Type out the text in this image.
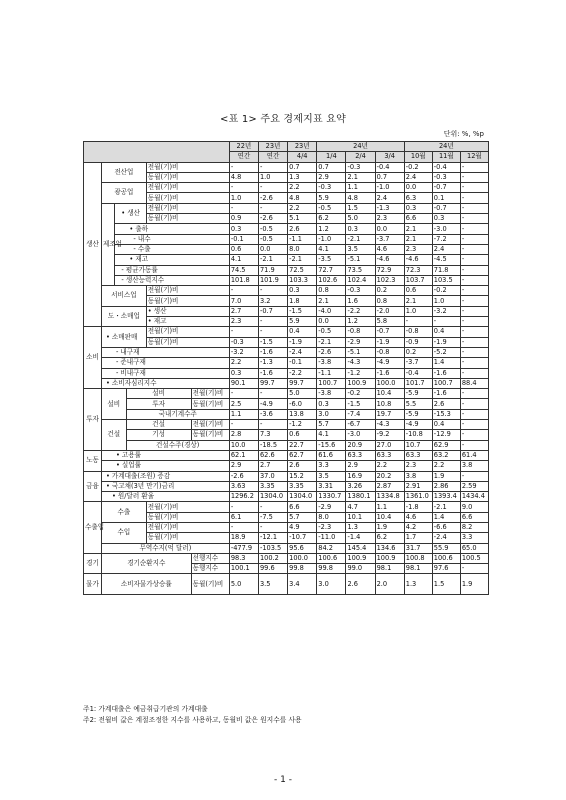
<표 1> 주요 경제지표 요약
단위: %, %p
						22년	23년	23년	24년			24년		
						연간	연간	4/4	1/4	2/4	3/4	10월	11월	12월
생산	전산업			전월(기)비		-	-	0.7	0.7	-0.3	-0.4	-0.2	-0.4	-
				동월(기)비		4.8	1.0	1.3	2.9	2.1	0.7	2.4	-0.3	-
	광공업			전월(기)비		-	-	2.2	-0.3	1.1	-1.0	0.0	-0.7	-
				동월(기)비		1.0	-2.6	4.8	5.9	4.8	2.4	6.3	0.1	-
	제조업	• 생산		전월(기)비		-	-	2.2	-0.5	1.5	-1.3	0.3	-0.7	-
				동월(기)비		0.9	-2.6	5.1	6.2	5.0	2.3	6.6	0.3	-
		• 출하				0.3	-0.5	2.6	1.2	0.3	0.0	2.1	-3.0	-
		- 내수				-0.1	-0.5	-1.1	-1.0	-2.1	-3.7	2.1	-7.2	-
		- 수출				0.6	0.0	8.0	4.1	3.5	4.6	2.3	2.4	-
		• 재고				4.1	-2.1	-2.1	-3.5	-5.1	-4.6	-4.6	-4.5	-
		- 평균가동률				74.5	71.9	72.5	72.7	73.5	72.9	72.3	71.8	-
		- 생산능력지수				101.8	101.9	103.3	102.6	102.4	102.3	103.7	103.5	-
	서비스업			전월(기)비		-	-	0.3	0.8	-0.3	0.2	0.6	-0.2	-
				동월(기)비		7.0	3.2	1.8	2.1	1.6	0.8	2.1	1.0	-
	도・소매업			• 생산		2.7	-0.7	-1.5	-4.0	-2.2	-2.0	1.0	-3.2	-
				• 재고		2.3	-	5.9	0.0	1.2	5.8	-	-	-
소비	• 소매판매			전월(기)비		-	-	0.4	-0.5	-0.8	-0.7	-0.8	0.4	-
				동월(기)비		-0.3	-1.5	-1.9	-2.1	-2.9	-1.9	-0.9	-1.9	-
	- 내구재					-3.2	-1.6	-2.4	-2.6	-5.1	-0.8	0.2	-5.2	-
	- 준내구재					2.2	-1.3	-0.1	-3.8	-4.3	-4.9	-3.7	1.4	-
	- 비내구재					0.3	-1.6	-2.2	-1.1	-1.2	-1.6	-0.4	-1.6	-
	• 소비자심리지수					90.1	99.7	99.7	100.7	100.9	100.0	101.7	100.7	88.4
투자	설비		설비		전월(기)비	-	-	5.0	-3.8	-0.2	10.4	-5.9	-1.6	-
			투자		동월(기)비	2.5	-4.9	-6.0	0.3	-1.5	10.8	5.5	2.6	-
			국내기계수주			1.1	-3.6	13.8	3.0	-7.4	19.7	-5.9	-15.3	-
	건설		건설		전월(기)비	-	-	-1.2	5.7	-6.7	-4.3	-4.9	0.4	-
			기성		동월(기)비	2.8	7.3	0.6	4.1	-3.0	-9.2	-10.8	-12.9	-
			건설수주(경상)			10.0	-18.5	22.7	-15.6	20.9	27.0	10.7	62.9	-
노동	• 고용률					62.1	62.6	62.7	61.6	63.3	63.3	63.3	63.2	61.4
	• 실업률					2.9	2.7	2.6	3.3	2.9	2.2	2.3	2.2	3.8
금융	• 가계대출(조원) 증감					-2.6	37.0	15.2	3.5	16.9	20.2	3.8	1.9	-
	• 국고채(3년 만기)금리					3.63	3.35	3.35	3.31	3.26	2.87	2.91	2.86	2.59
	• 원/달러 환율					1296.2	1304.0	1304.0	1330.7	1380.1	1334.8	1361.0	1393.4	1434.4
수출입	수출			전월(기)비		-	-	6.6	-2.9	4.7	1.1	-1.8	-2.1	9.0
				동월(기)비		6.1	-7.5	5.7	8.0	10.1	10.4	4.6	1.4	6.6
	수입			전월(기)비		-	-	4.9	-2.3	1.3	1.9	4.2	-6.6	8.2
				동월(기)비		18.9	-12.1	-10.7	-11.0	-1.4	6.2	1.7	-2.4	3.3
	무역수지(억 달러)					-477.9	-103.5	95.6	84.2	145.4	134.6	31.7	55.9	65.0
경기	경기순환지수				선행지수	98.3	100.2	100.0	100.6	100.9	100.9	100.8	100.6	100.5
					동행지수	100.1	99.6	99.8	99.8	99.0	98.1	98.1	97.6	-
물가	소비자물가상승률				동월(기)비	5.0	3.5	3.4	3.0	2.6	2.0	1.3	1.5	1.9
주1: 가계대출은 예금취급기관의 가계대출
주2: 전월비 값은 계절조정한 지수를 사용하고, 동월비 값은 원지수를 사용
- 1 -
